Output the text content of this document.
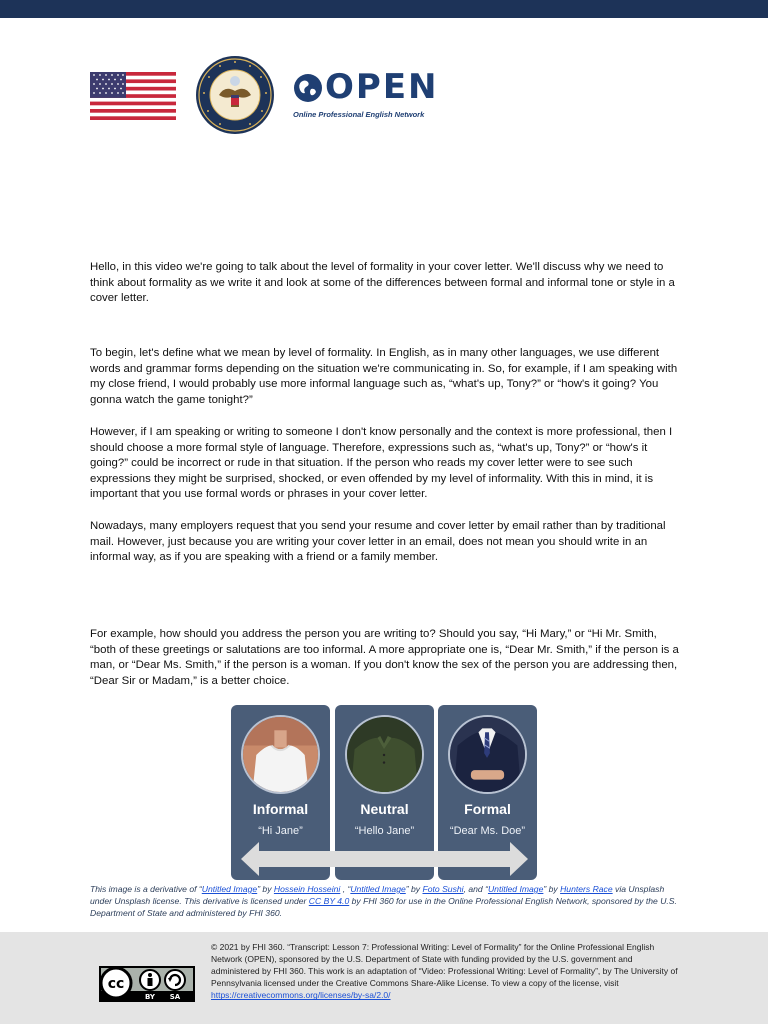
OPEN
Online Professional English Network

Hello, in this video we're going to talk about the level of formality in your cover letter. We'll discuss why we need to think about formality as we write it and look at some of the differences between formal and informal tone or style in a cover letter.

To begin, let's define what we mean by level of formality. In English, as in many other languages, we use different words and grammar forms depending on the situation we're communicating in. So, for example, if I am speaking with my close friend, I would probably use more informal language such as, “what's up, Tony?” or “how's it going? You gonna watch the game tonight?”

However, if I am speaking or writing to someone I don't know personally and the context is more professional, then I should choose a more formal style of language. Therefore, expressions such as, “what's up, Tony?” or “how's it going?” could be incorrect or rude in that situation. If the person who reads my cover letter were to see such expressions they might be surprised, shocked, or even offended by my level of informality. With this in mind, it is important that you use formal words or phrases in your cover letter.

Nowadays, many employers request that you send your resume and cover letter by email rather than by traditional mail. However, just because you are writing your cover letter in an email, does not mean you should write in an informal way, as if you are speaking with a friend or a family member.

For example, how should you address the person you are writing to? Should you say, “Hi Mary,” or “Hi Mr. Smith, “both of these greetings or salutations are too informal. A more appropriate one is, “Dear Mr. Smith,” if the person is a man, or “Dear Ms. Smith,” if the person is a woman. If you don't know the sex of the person you are addressing then, “Dear Sir or Madam,” is a better choice.

Informal
“Hi Jane”
Neutral
“Hello Jane”
Formal
“Dear Ms. Doe”

This image is a derivative of “Untitled Image” by Hossein Hosseini , “Untitled Image” by Foto Sushi, and “Untitled Image” by Hunters Race via Unsplash under Unsplash license. This derivative is licensed under CC BY 4.0 by FHI 360 for use in the Online Professional English Network, sponsored by the U.S. Department of State and administered by FHI 360.

cc
BY SA

© 2021 by FHI 360. “Transcript: Lesson 7: Professional Writing: Level of Formality” for the Online Professional English Network (OPEN), sponsored by the U.S. Department of State with funding provided by the U.S. government and administered by FHI 360. This work is an adaptation of “Video: Professional Writing: Level of Formality”, by The University of Pennsylvania licensed under the Creative Commons Share-Alike License. To view a copy of the license, visit https://creativecommons.org/licenses/by-sa/2.0/
